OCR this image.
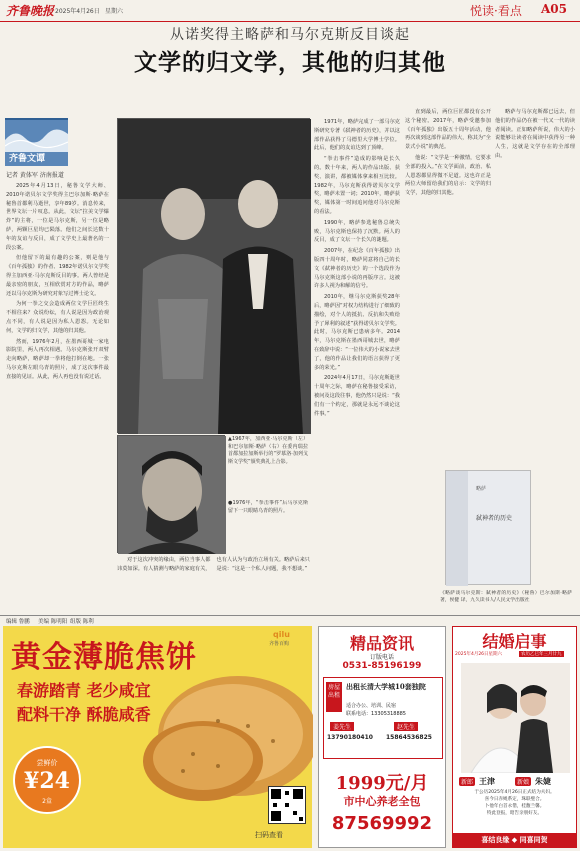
齐鲁晚报 2025年4月26日 星期六	悦读·看点 A05
从诺奖得主略萨和马尔克斯反目谈起
文学的归文学，其他的归其他
齐鲁文谭
记者 黄体军 济南报道

2025年4月13日，秘鲁文学大师、2010年诺贝尔文学奖得主巴尔加斯·略萨在秘鲁首都利马逝世，享年89岁。消息传来，世界文坛一片叹息。从此，文坛“拉美文学爆炸”的主将，一位是马尔克斯，另一位是略萨，两颗巨星均已陨落。他们之间长达数十年的友谊与反目，成了文学史上最著名的一段公案。

但他留下的最有趣的公案，则是他与《百年孤独》的作者、1982年诺贝尔文学奖得主加西亚·马尔克斯反目的事。两人曾经是最亲密的朋友，互相欣赏对方的作品，略萨还以马尔克斯为研究对象写过博士论文。

为何一拳之交会造成两位文学巨匠终生不相往来？众说纷纭，有人说是因为政治观点不同，有人说是因为私人恩怨。无论如何，文学的归文学，其他的归其他。

然而，1976年2月，在墨西哥城一家电影院里，两人再次相遇。马尔克斯张开双臂走向略萨，略萨却一拳将他打倒在地。一张马尔克斯左眼乌青的照片，成了这次事件最直接的见证。从此，两人再也没有说过话。

▲1967年，加西亚·马尔克斯（左）和巴尔加斯·略萨（右）在委内瑞拉首都加拉加斯举行的“罗慕洛·加列戈斯文学奖”颁奖典礼上合影。
●1976年，“拳击事件”后马尔克斯留下一只眼睛乌青的照片。

对于这次冲突的缘由，两位当事人都讳莫如深。有人猜测与略萨的家庭有关，也有人认为与政治立场有关。略萨后来只是说：“这是一个私人问题，我不想谈。”

1971年，略萨完成了一部马尔克斯研究专著《弑神者的历史》，并以这部作品获得了马德里大学博士学位。此后，他们的友谊达到了顶峰。

“拳击事件”造成的影响是长久的。数十年来，两人的作品出版、获奖、演讲，都被媒体拿来相互比较。1982年，马尔克斯获得诺贝尔文学奖，略萨未置一词；2010年，略萨获奖，媒体第一时间追问他对马尔克斯的看法。

1990年，略萨参选秘鲁总统失败，马尔克斯也保持了沉默。两人的反目，成了文坛一个长久的谜题。

2007年，在纪念《百年孤独》出版四十周年时，略萨同意将自己的长文《弑神者的历史》的一个选段作为马尔克斯这部小说的再版序言。这被许多人视为和解的信号。

2010年，继马尔克斯获奖28年后，略萨因“对权力结构进行了细致的描绘，对个人的抵抗、反抗和失败给予了犀利的叙述”获得诺贝尔文学奖。此时，马尔克斯已患病多年。2014年，马尔克斯在墨西哥城去世，略萨在致辞中说：“一位伟大的小说家去世了，他的作品让我们的语言获得了更多的荣光。”

2024年4月17日，马尔克斯逝世十周年之际，略萨在秘鲁接受采访，被问及这段往事，他仍然只是说：“我们有一个约定，那就是永远不谈论这件事。”

直到最后，两位巨匠都没有公开这个秘密。2017年，略萨受邀参加《百年孤独》出版五十周年活动，他再次谈到这部作品的伟大，称其为“全景式小说”的典范。

他说：“文学是一种激情，它要求全部的投入。”在文学面前，政治、私人恩怨都显得微不足道。这也许正是两位大师留给我们的启示：文学的归文学，其他的归其他。

略萨与马尔克斯都已远去，但他们的作品仍在被一代又一代的读者阅读。正如略萨所说，伟大的小说能够让读者在阅读中获得另一种人生，这就是文学存在的全部理由。

略萨
弑神者的历史
《略萨谈马尔克斯：弑神者的历史》（秘鲁）巴尔加斯·略萨 著，侯健 译，九久读书人/人民文学出版社
编辑 鲁鹏 美编 陈明阳 组版 陈利
黄金薄脆焦饼
qilu
齐鲁百购
春游踏青 老少咸宜
配料干净 酥脆咸香
尝鲜价
¥24
2盒
扫码查看
精品资讯
订版电话
0531-85196199
房屋出租
出租长清大学城10套独院
适合办公、培训、民宿
联系电话：13305318885
姜先生	赵先生
13790180410 15864536825
1999元/月
市中心养老全包
87569992
结婚启事
2025年4月26日星期六	农历乙巳年三月廿九
新郎 王津	新娘 朱婕
于公历2025年4月26日正式结为夫妇。
喜今日赤绳系定，珠联璧合。
卜他年白首永偕，桂馥兰馨。
特此登报，昭告亲朋好友。
喜结良缘 ◆ 同喜同贺
